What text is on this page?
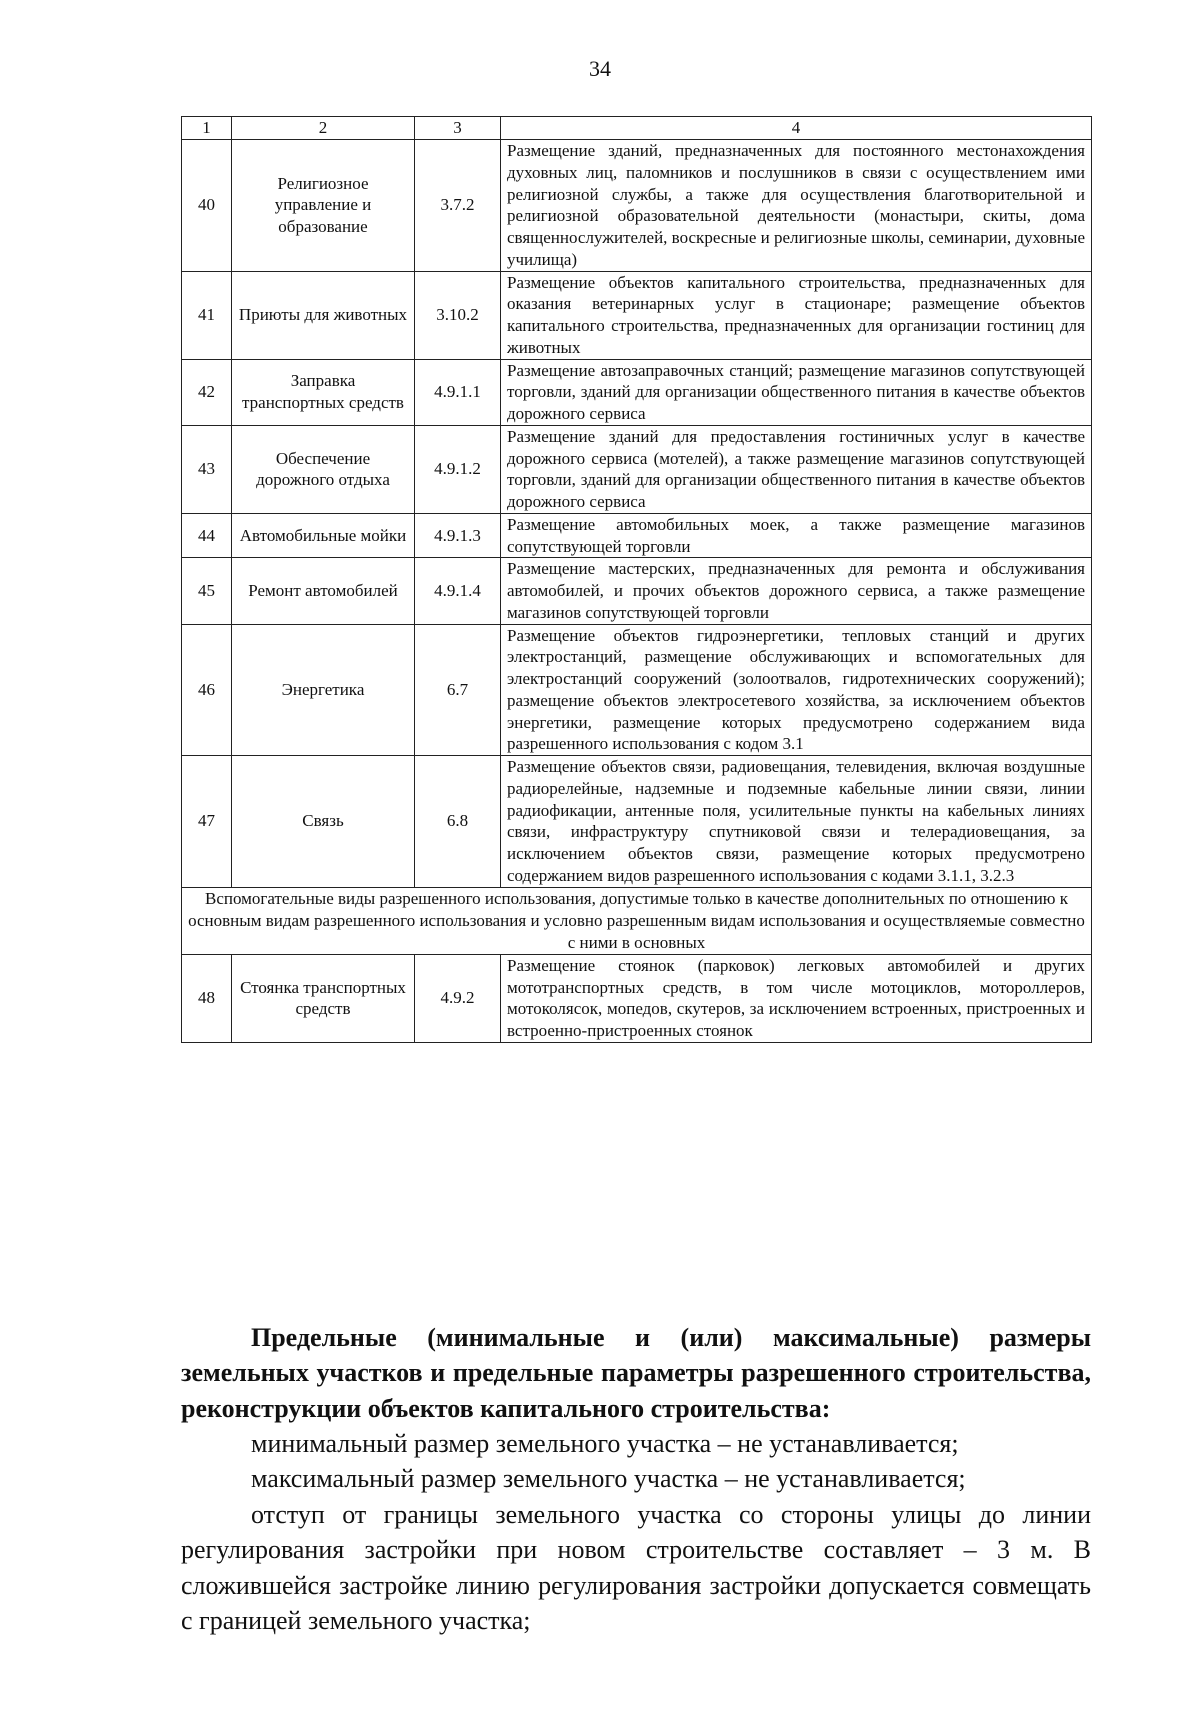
34
1	2	3	4
40	Религиозное управление и образование	3.7.2	Размещение зданий, предназначенных для постоянного местонахождения духовных лиц, паломников и послушников в связи с осуществлением ими религиозной службы, а также для осуществления благотворительной и религиозной образовательной деятельности (монастыри, скиты, дома священнослужителей, воскресные и религиозные школы, семинарии, духовные училища)
41	Приюты для животных	3.10.2	Размещение объектов капитального строительства, предназначенных для оказания ветеринарных услуг в стационаре; размещение объектов капитального строительства, предназначенных для организации гостиниц для животных
42	Заправка транспортных средств	4.9.1.1	Размещение автозаправочных станций; размещение магазинов сопутствующей торговли, зданий для организации общественного питания в качестве объектов дорожного сервиса
43	Обеспечение дорожного отдыха	4.9.1.2	Размещение зданий для предоставления гостиничных услуг в качестве дорожного сервиса (мотелей), а также размещение магазинов сопутствующей торговли, зданий для организации общественного питания в качестве объектов дорожного сервиса
44	Автомобильные мойки	4.9.1.3	Размещение автомобильных моек, а также размещение магазинов сопутствующей торговли
45	Ремонт автомобилей	4.9.1.4	Размещение мастерских, предназначенных для ремонта и обслуживания автомобилей, и прочих объектов дорожного сервиса, а также размещение магазинов сопутствующей торговли
46	Энергетика	6.7	Размещение объектов гидроэнергетики, тепловых станций и других электростанций, размещение обслуживающих и вспомогательных для электростанций сооружений (золоотвалов, гидротехнических сооружений); размещение объектов электросетевого хозяйства, за исключением объектов энергетики, размещение которых предусмотрено содержанием вида разрешенного использования с кодом 3.1
47	Связь	6.8	Размещение объектов связи, радиовещания, телевидения, включая воздушные радиорелейные, надземные и подземные кабельные линии связи, линии радиофикации, антенные поля, усилительные пункты на кабельных линиях связи, инфраструктуру спутниковой связи и телерадиовещания, за исключением объектов связи, размещение которых предусмотрено содержанием видов разрешенного использования с кодами 3.1.1, 3.2.3
Вспомогательные виды разрешенного использования, допустимые только в качестве дополнительных по отношению к основным видам разрешенного использования и условно разрешенным видам использования и осуществляемые совместно с ними в основных			
48	Стоянка транспортных средств	4.9.2	Размещение стоянок (парковок) легковых автомобилей и других мототранспортных средств, в том числе мотоциклов, мотороллеров, мотоколясок, мопедов, скутеров, за исключением встроенных, пристроенных и встроенно-пристроенных стоянок

Предельные (минимальные и (или) максимальные) размеры земельных участков и предельные параметры разрешенного строительства, реконструкции объектов капитального строительства:

минимальный размер земельного участка – не устанавливается;

максимальный размер земельного участка – не устанавливается;

отступ от границы земельного участка со стороны улицы до линии регулирования застройки при новом строительстве составляет – 3 м. В сложившейся застройке линию регулирования застройки допускается совмещать с границей земельного участка;
